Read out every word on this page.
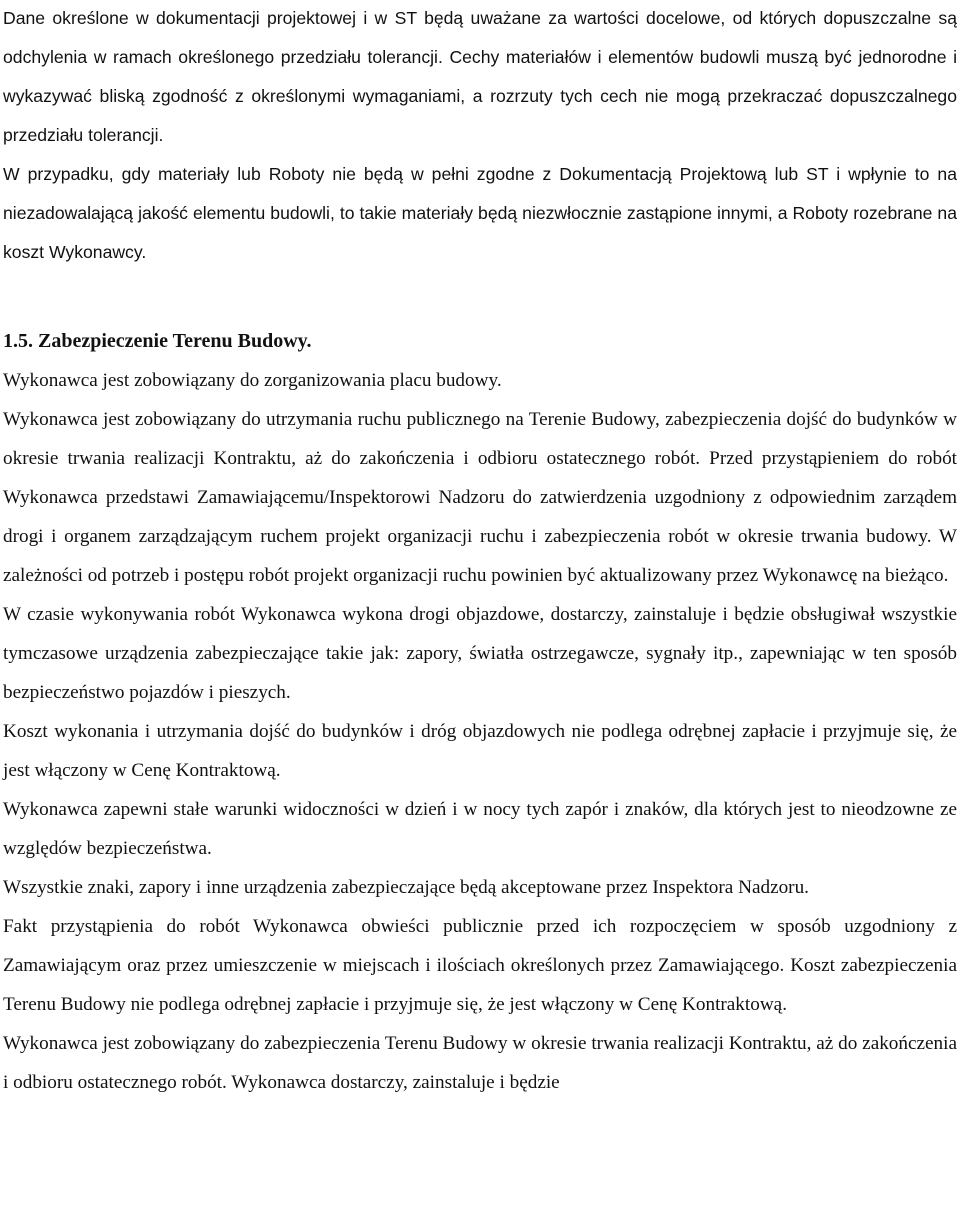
Dane określone w dokumentacji projektowej i w ST będą uważane za wartości docelowe, od których dopuszczalne są odchylenia w ramach określonego przedziału tolerancji. Cechy materiałów i elementów budowli muszą być jednorodne i wykazywać bliską zgodność z określonymi wymaganiami, a rozrzuty tych cech nie mogą przekraczać dopuszczalnego przedziału tolerancji.

W przypadku, gdy materiały lub Roboty nie będą w pełni zgodne z Dokumentacją Projektową lub ST i wpłynie to na niezadowalającą jakość elementu budowli, to takie materiały będą niezwłocznie zastąpione innymi, a Roboty rozebrane na koszt Wykonawcy.

1.5. Zabezpieczenie Terenu Budowy.

Wykonawca jest zobowiązany do zorganizowania placu budowy.

Wykonawca jest zobowiązany do utrzymania ruchu publicznego na Terenie Budowy, zabezpieczenia dojść do budynków w okresie trwania realizacji Kontraktu, aż do zakończenia i odbioru ostatecznego robót. Przed przystąpieniem do robót Wykonawca przedstawi Zamawiającemu/Inspektorowi Nadzoru do zatwierdzenia uzgodniony z odpowiednim zarządem drogi i organem zarządzającym ruchem projekt organizacji ruchu i zabezpieczenia robót w okresie trwania budowy. W zależności od potrzeb i postępu robót projekt organizacji ruchu powinien być aktualizowany przez Wykonawcę na bieżąco.

W czasie wykonywania robót Wykonawca wykona drogi objazdowe, dostarczy, zainstaluje i będzie obsługiwał wszystkie tymczasowe urządzenia zabezpieczające takie jak: zapory, światła ostrzegawcze, sygnały itp., zapewniając w ten sposób bezpieczeństwo pojazdów i pieszych.

Koszt wykonania i utrzymania dojść do budynków i dróg objazdowych nie podlega odrębnej zapłacie i przyjmuje się, że jest włączony w Cenę Kontraktową.

Wykonawca zapewni stałe warunki widoczności w dzień i w nocy tych zapór i znaków, dla których jest to nieodzowne ze względów bezpieczeństwa.

Wszystkie znaki, zapory i inne urządzenia zabezpieczające będą akceptowane przez Inspektora Nadzoru.

Fakt przystąpienia do robót Wykonawca obwieści publicznie przed ich rozpoczęciem w sposób uzgodniony z Zamawiającym oraz przez umieszczenie w miejscach i ilościach określonych przez Zamawiającego. Koszt zabezpieczenia Terenu Budowy nie podlega odrębnej zapłacie i przyjmuje się, że jest włączony w Cenę Kontraktową.

Wykonawca jest zobowiązany do zabezpieczenia Terenu Budowy w okresie trwania realizacji Kontraktu, aż do zakończenia i odbioru ostatecznego robót. Wykonawca dostarczy, zainstaluje i będzie
